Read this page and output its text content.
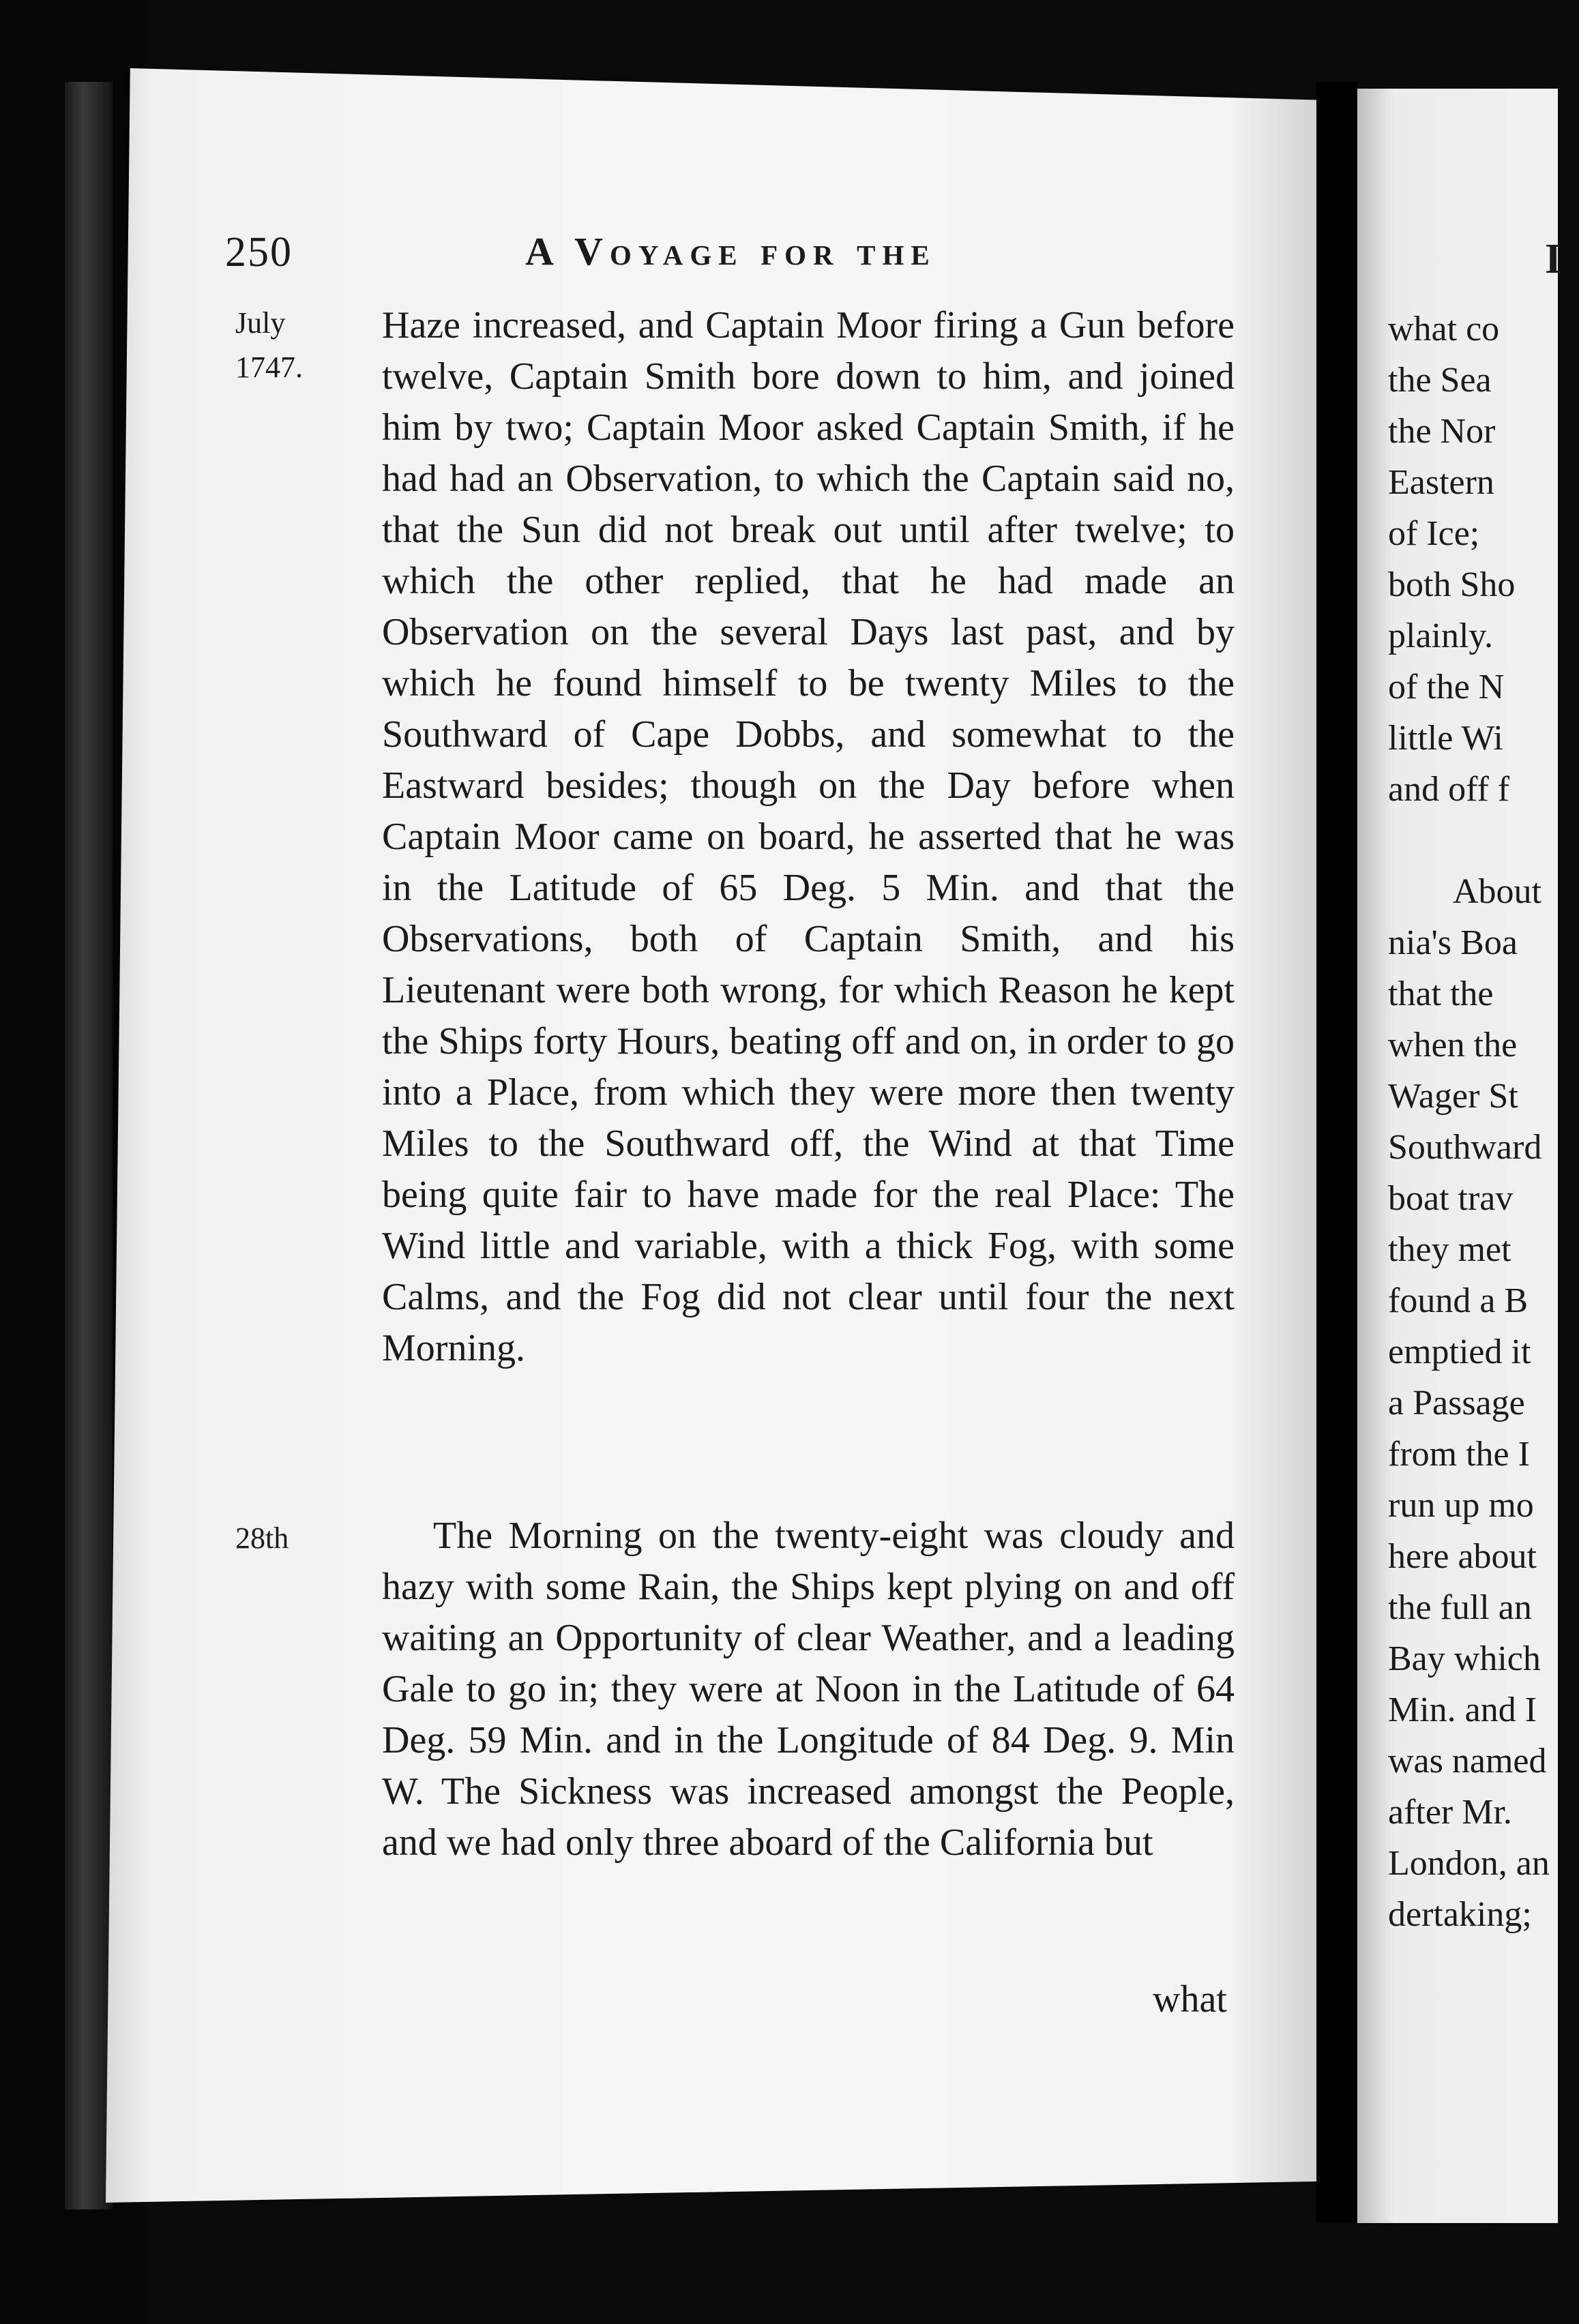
250	A Voyage for the
July
1747.
28th

Haze increased, and Captain Moor firing a Gun before twelve, Captain Smith bore down to him, and joined him by two; Captain Moor asked Captain Smith, if he had had an Observation, to which the Captain said no, that the Sun did not break out until after twelve; to which the other replied, that he had made an Observation on the several Days last past, and by which he found himself to be twenty Miles to the Southward of Cape Dobbs, and somewhat to the Eastward besides; though on the Day before when Captain Moor came on board, he asserted that he was in the Latitude of 65 Deg. 5 Min. and that the Observations, both of Captain Smith, and his Lieutenant were both wrong, for which Reason he kept the Ships forty Hours, beating off and on, in order to go into a Place, from which they were more then twenty Miles to the Southward off, the Wind at that Time being quite fair to have made for the real Place: The Wind little and variable, with a thick Fog, with some Calms, and the Fog did not clear until four the next Morning.

The Morning on the twenty-eight was cloudy and hazy with some Rain, the Ships kept plying on and off waiting an Opportunity of clear Weather, and a leading Gale to go in; they were at Noon in the Latitude of 64 Deg. 59 Min. and in the Longitude of 84 Deg. 9. Min W. The Sickness was increased amongst the People, and we had only three aboard of the California but

what
I
what co
the Sea
the Nor
Eastern
of Ice;
both Sho
plainly.
of the N
little Wi
and off f
About
nia's Boa
that the
when the
Wager St
Southward
boat trav
they met
found a B
emptied it
a Passage
from the I
run up mo
here about
the full an
Bay which
Min. and I
was named
after Mr.
London, an
dertaking;
